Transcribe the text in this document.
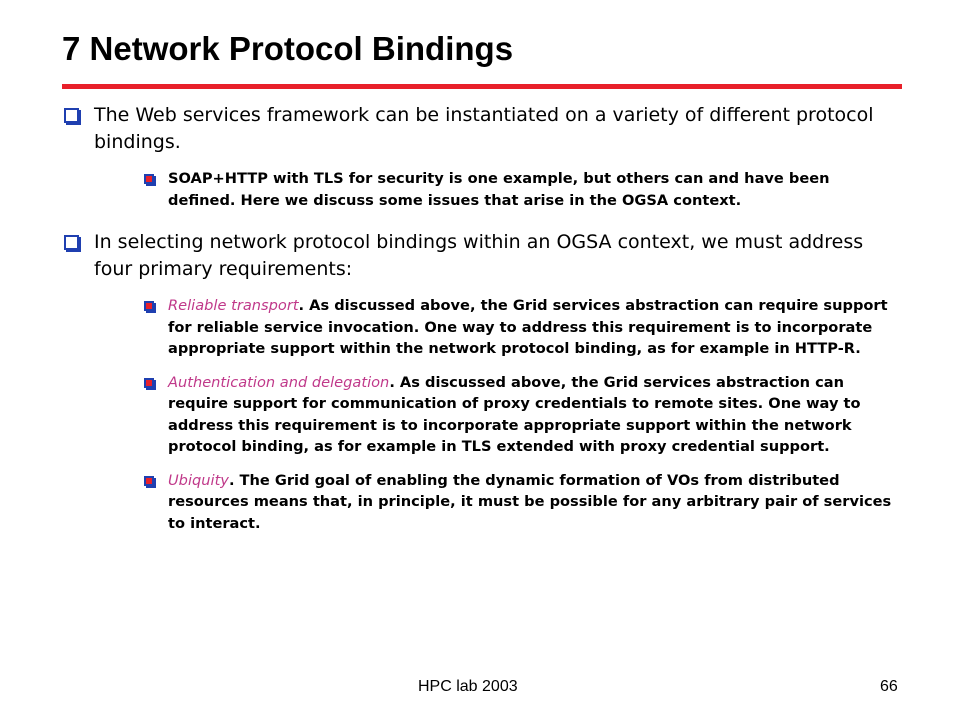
7 Network Protocol Bindings
The Web services framework can be instantiated on a variety of different protocol bindings.
SOAP+HTTP with TLS for security is one example, but others can and have been defined. Here we discuss some issues that arise in the OGSA context.
In selecting network protocol bindings within an OGSA context, we must address four primary requirements:
Reliable transport. As discussed above, the Grid services abstraction can require support for reliable service invocation. One way to address this requirement is to incorporate appropriate support within the network protocol binding, as for example in HTTP-R.
Authentication and delegation. As discussed above, the Grid services abstraction can require support for communication of proxy credentials to remote sites. One way to address this requirement is to incorporate appropriate support within the network protocol binding, as for example in TLS extended with proxy credential support.
Ubiquity. The Grid goal of enabling the dynamic formation of VOs from distributed resources means that, in principle, it must be possible for any arbitrary pair of services to interact.
HPC lab 2003	66
